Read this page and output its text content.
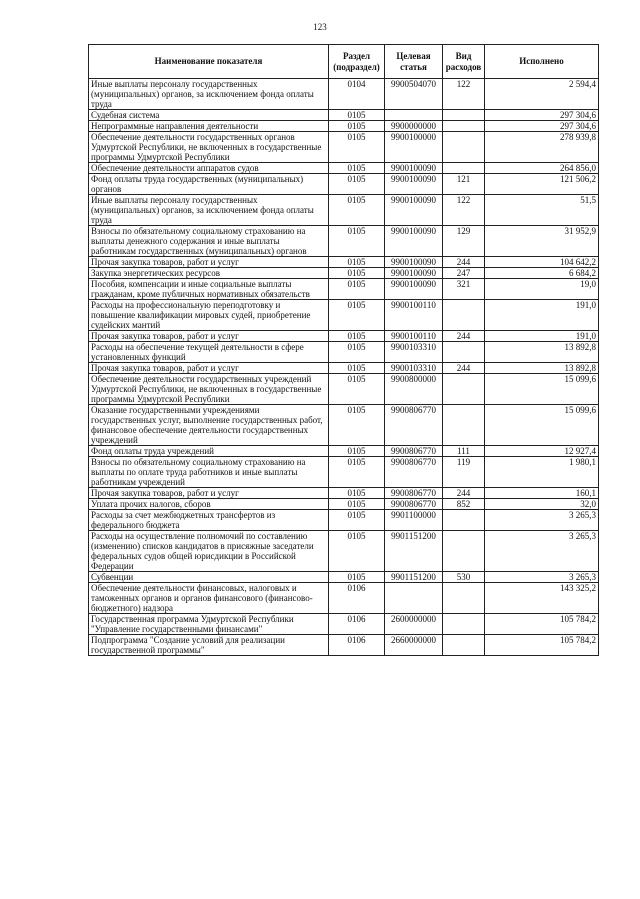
123
Наименование показателя	Раздел (подраздел)	Целевая статья	Вид расходов	Исполнено
Иные выплаты персоналу государственных (муниципальных) органов, за исключением фонда оплаты труда	0104	9900504070	122	2 594,4
Судебная система	0105			297 304,6
Непрограммные направления деятельности	0105	9900000000		297 304,6
Обеспечение деятельности государственных органов Удмуртской Республики, не включенных в государственные программы Удмуртской Республики	0105	9900100000		278 939,8
Обеспечение деятельности аппаратов судов	0105	9900100090		264 856,0
Фонд оплаты труда государственных (муниципальных) органов	0105	9900100090	121	121 506,2
Иные выплаты персоналу государственных (муниципальных) органов, за исключением фонда оплаты труда	0105	9900100090	122	51,5
Взносы по обязательному социальному страхованию на выплаты денежного содержания и иные выплаты работникам государственных (муниципальных) органов	0105	9900100090	129	31 952,9
Прочая закупка товаров, работ и услуг	0105	9900100090	244	104 642,2
Закупка энергетических ресурсов	0105	9900100090	247	6 684,2
Пособия, компенсации и иные социальные выплаты гражданам, кроме публичных нормативных обязательств	0105	9900100090	321	19,0
Расходы на профессиональную переподготовку и повышение квалификации мировых судей, приобретение судейских мантий	0105	9900100110		191,0
Прочая закупка товаров, работ и услуг	0105	9900100110	244	191,0
Расходы на обеспечение текущей деятельности в сфере установленных функций	0105	9900103310		13 892,8
Прочая закупка товаров, работ и услуг	0105	9900103310	244	13 892,8
Обеспечение деятельности государственных учреждений Удмуртской Республики, не включенных в государственные программы Удмуртской Республики	0105	9900800000		15 099,6
Оказание государственными учреждениями государственных услуг, выполнение государственных работ, финансовое обеспечение деятельности государственных учреждений	0105	9900806770		15 099,6
Фонд оплаты труда учреждений	0105	9900806770	111	12 927,4
Взносы по обязательному социальному страхованию на выплаты по оплате труда работников и иные выплаты работникам учреждений	0105	9900806770	119	1 980,1
Прочая закупка товаров, работ и услуг	0105	9900806770	244	160,1
Уплата прочих налогов, сборов	0105	9900806770	852	32,0
Расходы за счет межбюджетных трансфертов из федерального бюджета	0105	9901100000		3 265,3
Расходы на осуществление полномочий по составлению (изменению) списков кандидатов в присяжные заседатели федеральных судов общей юрисдикции в Российской Федерации	0105	9901151200		3 265,3
Субвенции	0105	9901151200	530	3 265,3
Обеспечение деятельности финансовых, налоговых и таможенных органов и органов финансового (финансово-бюджетного) надзора	0106			143 325,2
Государственная программа Удмуртской Республики "Управление государственными финансами"	0106	2600000000		105 784,2
Подпрограмма "Создание условий для реализации государственной программы"	0106	2660000000		105 784,2
